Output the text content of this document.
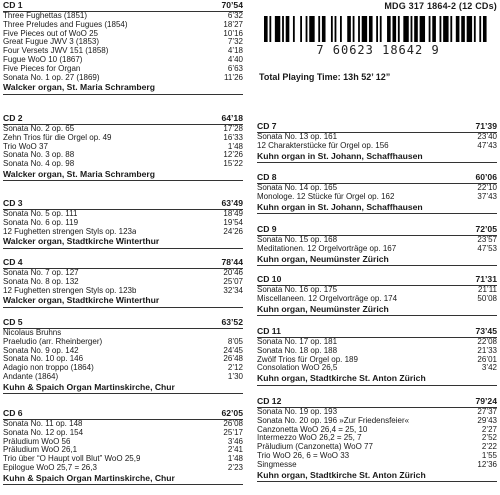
MDG 317 1864-2 (12 CDs)
7 60623 18642 9
Total Playing Time: 13h 52’ 12”
CD 1	70’54
Three Fughettas (1851)	6’32
Three Preludes and Fugues (1854)	18’27
Five Pieces out of WoO 25	10’16
Great Fugue JWV 3 (1853)	7’32
Four Versets JWV 151 (1858)	4’18
Fugue WoO 10 (1867)	4’40
Five Pieces for Organ	6’63
Sonata No. 1 op. 27 (1869)	11’26
Walcker organ, St. Maria Schramberg
CD 2	64’18
Sonata No. 2 op. 65	17’28
Zehn Trios für die Orgel op. 49	16’33
Trio WoO 37	1’48
Sonata No. 3 op. 88	12’26
Sonata No. 4 op. 98	15’22
Walcker organ, St. Maria Schramberg
CD 3	63’49
Sonata No. 5 op. 111	18’49
Sonata No. 6 op. 119	19’54
12 Fughetten strengen Styls op. 123a	24’26
Walcker organ, Stadtkirche Winterthur
CD 4	78’44
Sonata No. 7 op. 127	20’46
Sonata No. 8 op. 132	25’07
12 Fughetten strengen Styls op. 123b	32’34
Walcker organ, Stadtkirche Winterthur
CD 5	63’52
Nicolaus Bruhns
Praeludio (arr. Rheinberger)	8’05
Sonata No. 9 op. 142	24’45
Sonata No. 10 op. 146	26’48
Adagio non troppo (1864)	2’12
Andante (1864)	1’30
Kuhn & Spaich Organ Martinskirche, Chur
CD 6	62’05
Sonata No. 11 op. 148	26’08
Sonata No. 12 op. 154	25’17
Präludium WoO 56	3’46
Präludium WoO 26,1	2’41
Trio über “O Haupt voll Blut” WoO 25,9	1’48
Epilogue WoO 25,7 = 26,3	2’23
Kuhn & Spaich Organ Martinskirche, Chur
CD 7	71’39
Sonata No. 13 op. 161	23’40
12 Charakterstücke für Orgel op. 156	47’43
Kuhn organ in St. Johann, Schaffhausen
CD 8	60’06
Sonata No. 14 op. 165	22’10
Monologe. 12 Stücke für Orgel op. 162	37’43
Kuhn organ in St. Johann, Schaffhausen
CD 9	72’05
Sonata No. 15 op. 168	23’57
Meditationen. 12 Orgelvorträge op. 167	47’53
Kuhn organ, Neumünster Zürich
CD 10	71’31
Sonata No. 16 op. 175	21’11
Miscellaneen. 12 Orgelvorträge op. 174	50’08
Kuhn organ, Neumünster Zürich
CD 11	73’45
Sonata No. 17 op. 181	22’08
Sonata No. 18 op. 188	21’33
Zwölf Trios für Orgel op. 189	26’01
Consolation WoO 26,5	3’42
Kuhn organ, Stadtkirche St. Anton Zürich
CD 12	79’24
Sonata No. 19 op. 193	27’37
Sonata No. 20 op. 196 »Zur Friedensfeier«	29’43
Canzonetta WoO 26,4 = 25, 10	2’27
Intermezzo WoO 26,2 = 25, 7	2’52
Präludium (Canzonetta) WoO 77	2’22
Trio WoO 26, 6 = WoO 33	1’55
Singmesse	12’36
Kuhn organ, Stadtkirche St. Anton Zürich
